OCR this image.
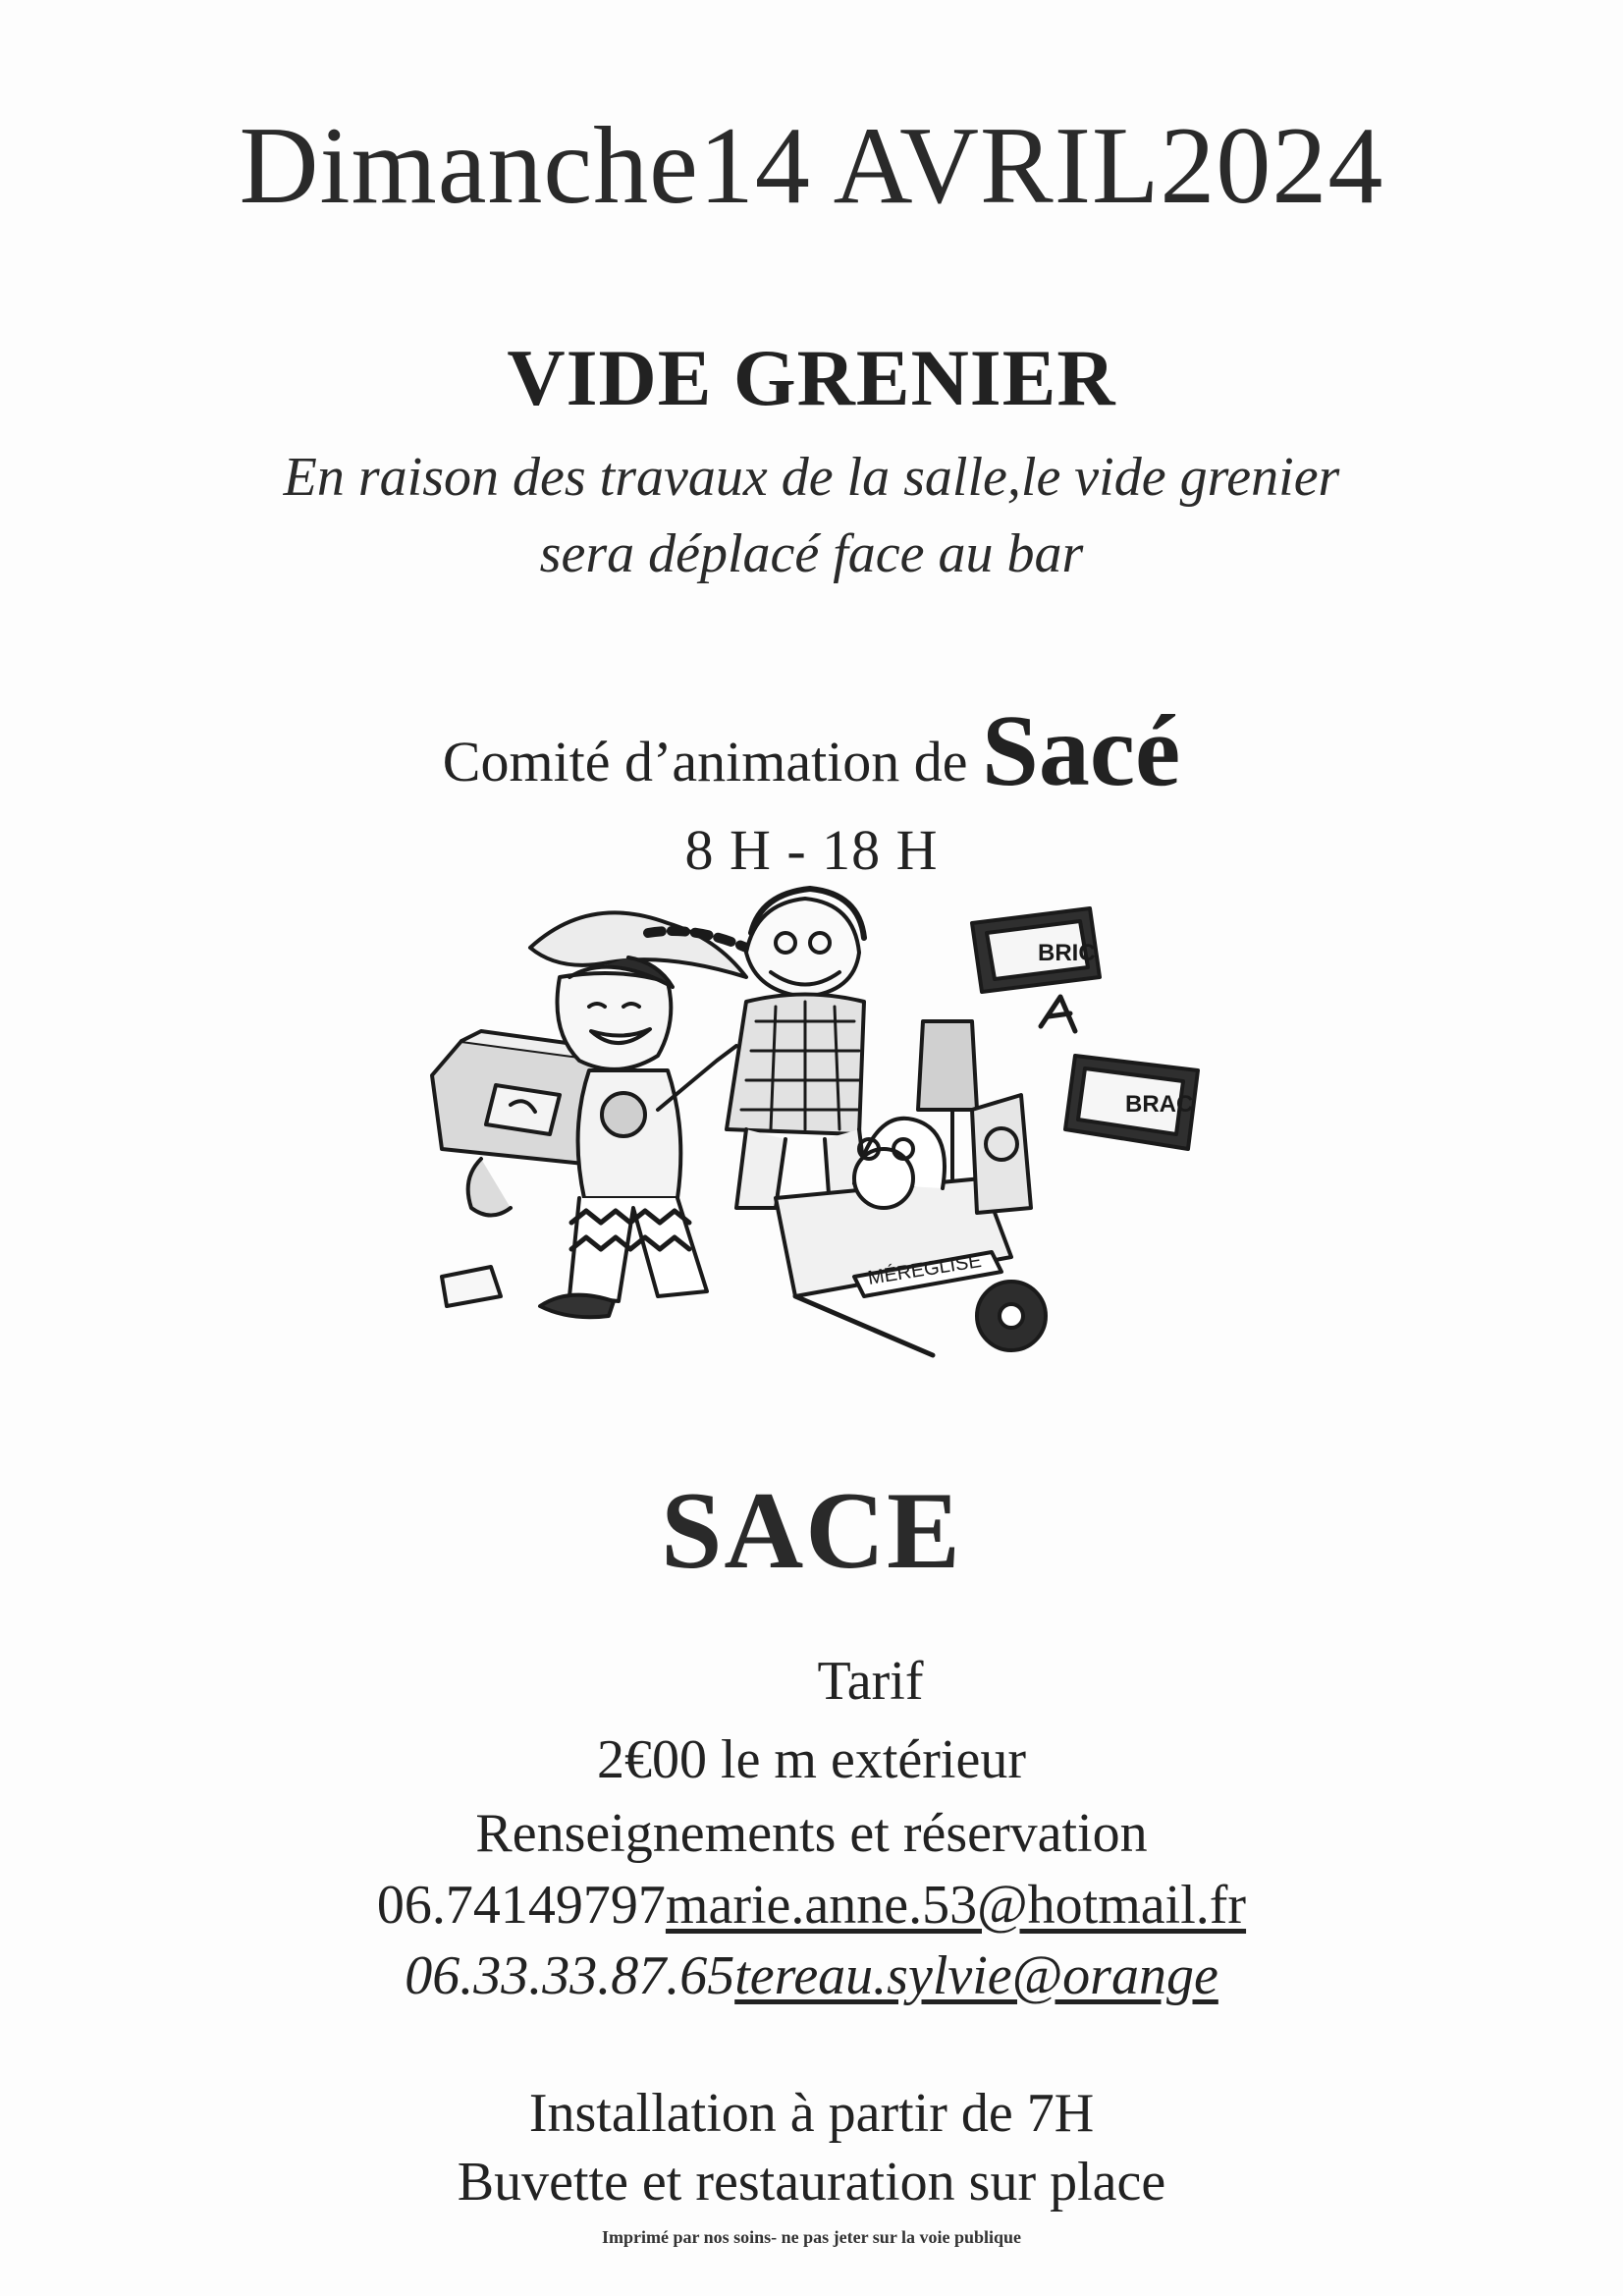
Dimanche14 AVRIL2024
VIDE GRENIER
En raison des travaux de la salle,le vide grenier
sera déplacé face au bar
Comité d’animation de Sacé
8 H - 18 H
BRIC
BRAC
MÉREGLISE
SACE
Tarif
2€00 le m extérieur
Renseignements et réservation
06.74149797marie.anne.53@hotmail.fr
06.33.33.87.65tereau.sylvie@orange
Installation à partir de 7H
Buvette et restauration sur place
Imprimé par nos soins- ne pas jeter sur la voie publique
